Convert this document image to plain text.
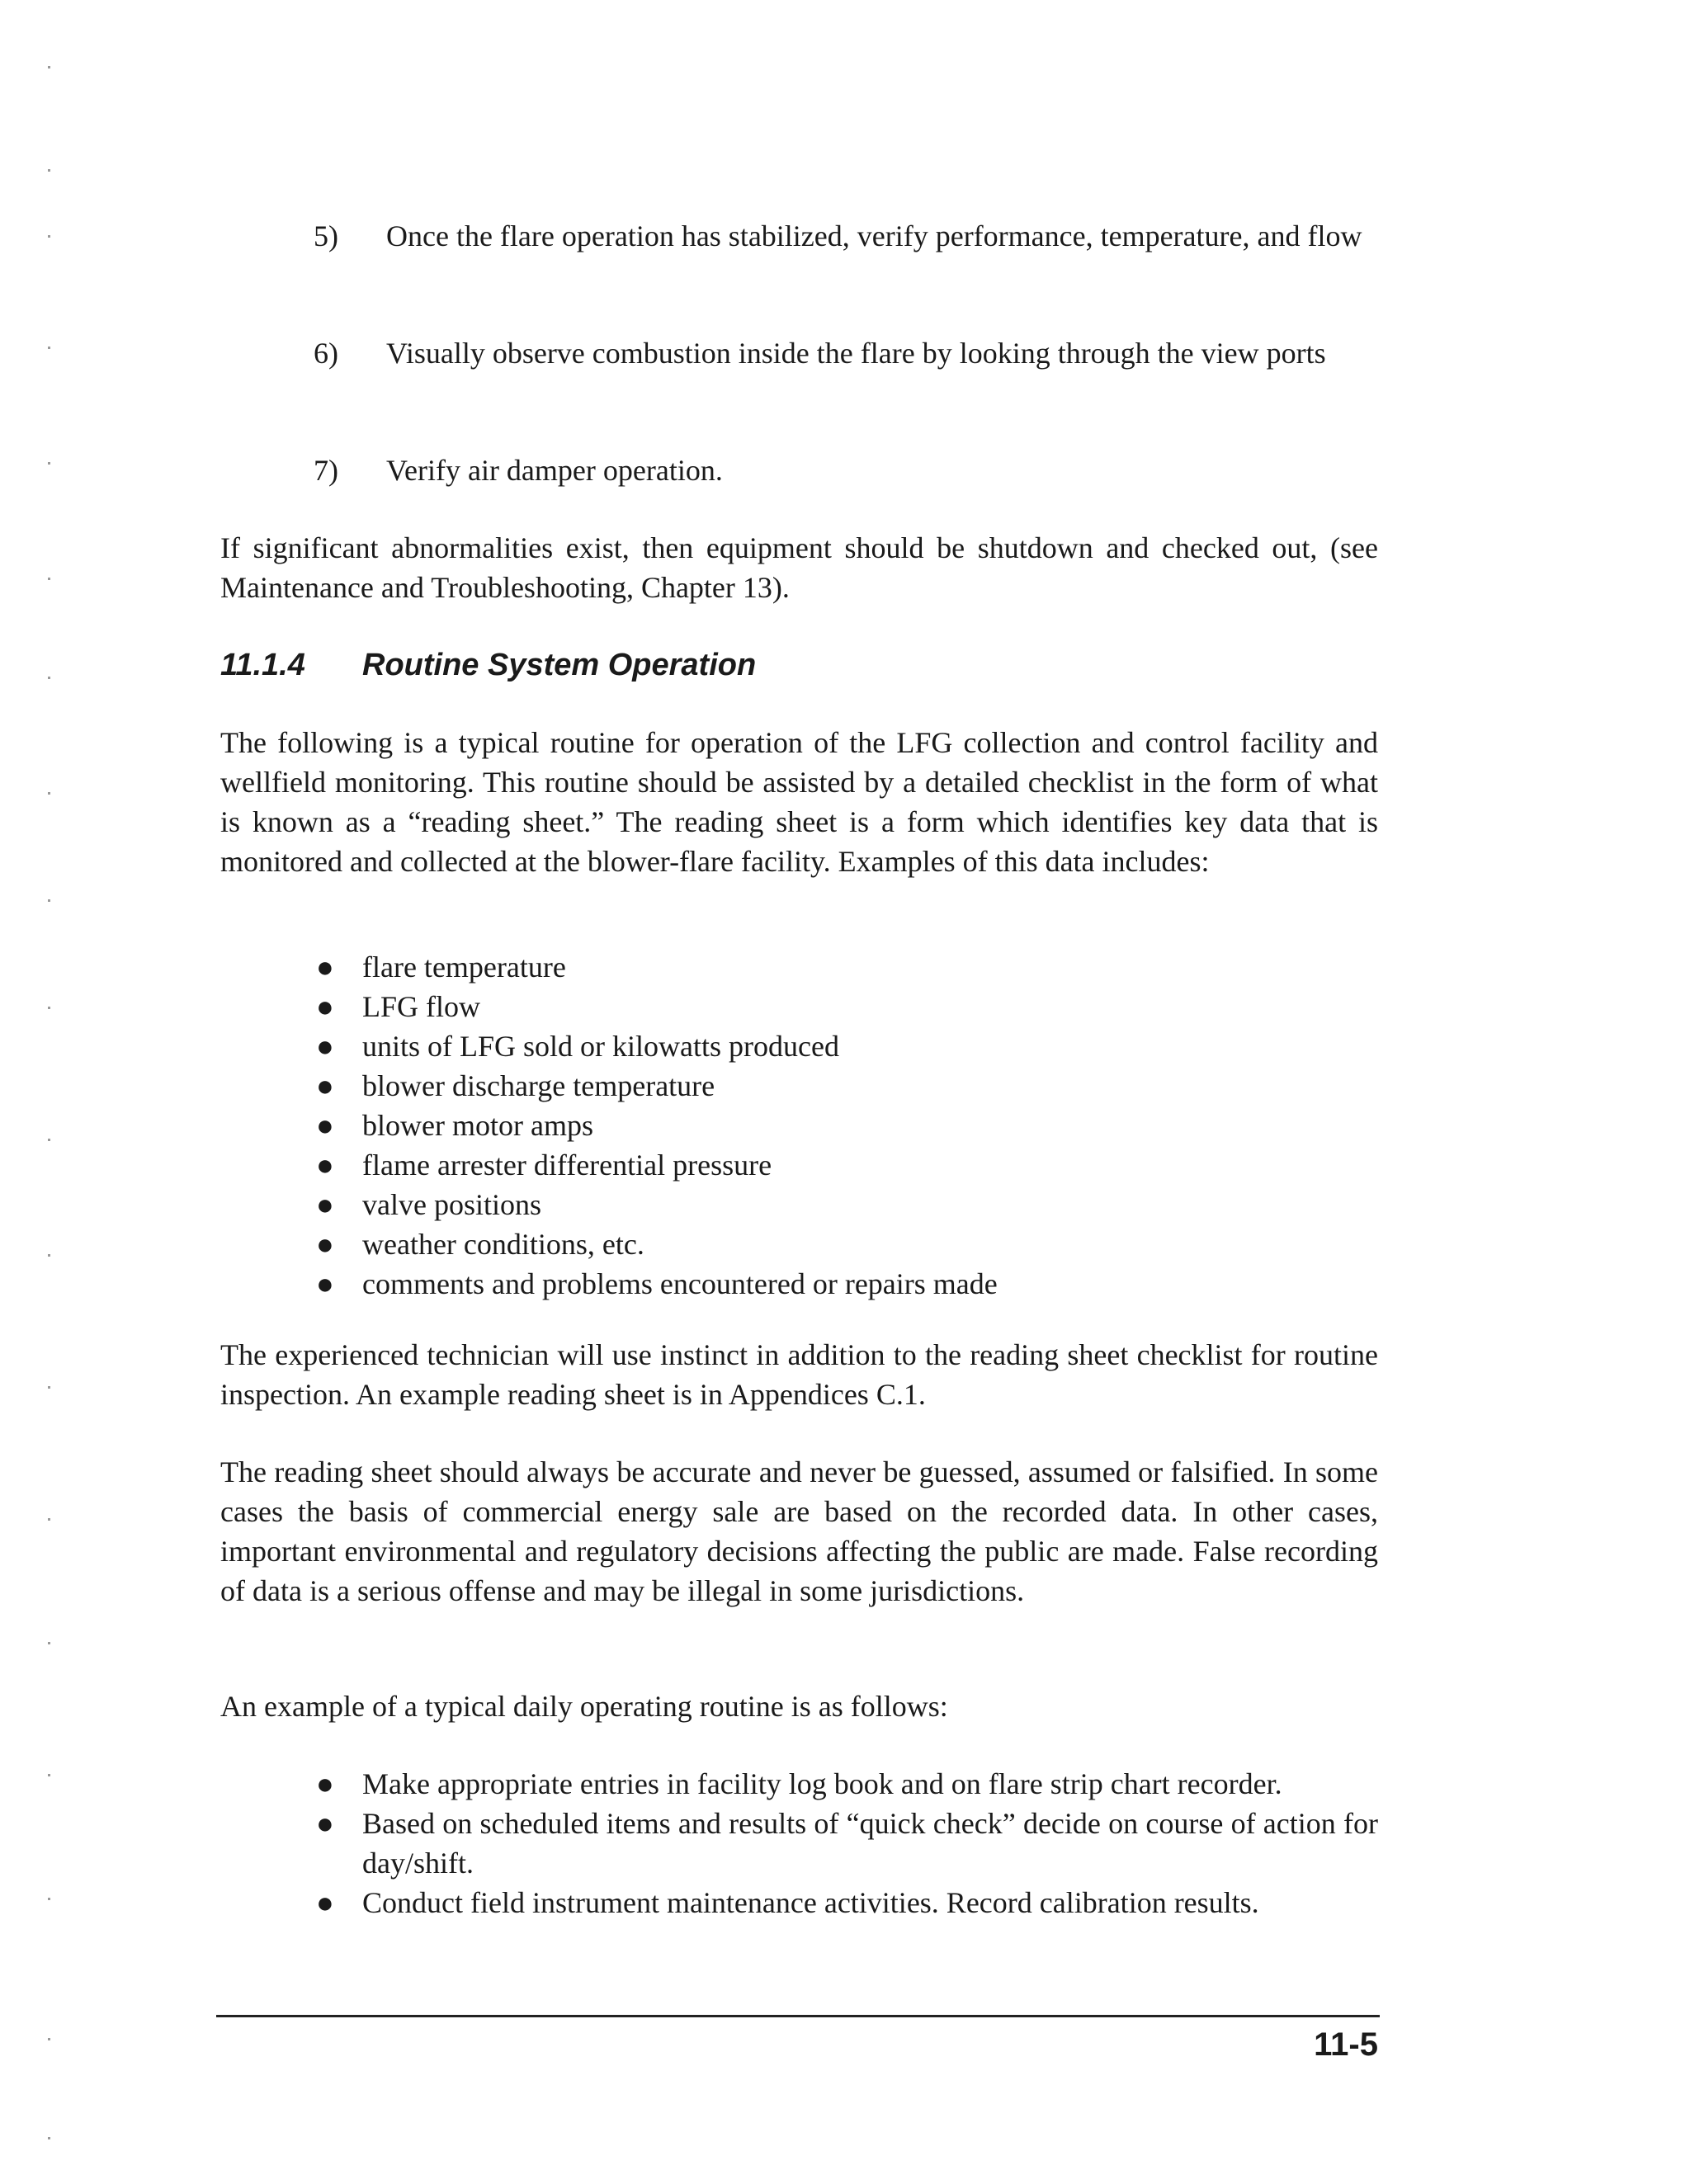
5)	Once the flare operation has stabilized, verify performance, temperature, and flow
6)	Visually observe combustion inside the flare by looking through the view ports
7)	Verify air damper operation.

If significant abnormalities exist, then equipment should be shutdown and checked out, (see Maintenance and Troubleshooting, Chapter 13).

11.1.4	Routine System Operation

The following is a typical routine for operation of the LFG collection and control facility and wellfield monitoring. This routine should be assisted by a detailed checklist in the form of what is known as a “reading sheet.” The reading sheet is a form which identifies key data that is monitored and collected at the blower-flare facility. Examples of this data includes:

● flare temperature
● LFG flow
● units of LFG sold or kilowatts produced
● blower discharge temperature
● blower motor amps
● flame arrester differential pressure
● valve positions
● weather conditions, etc.
● comments and problems encountered or repairs made

The experienced technician will use instinct in addition to the reading sheet checklist for routine inspection. An example reading sheet is in Appendices C.1.

The reading sheet should always be accurate and never be guessed, assumed or falsified. In some cases the basis of commercial energy sale are based on the recorded data. In other cases, important environmental and regulatory decisions affecting the public are made. False recording of data is a serious offense and may be illegal in some jurisdictions.

An example of a typical daily operating routine is as follows:

● Make appropriate entries in facility log book and on flare strip chart recorder.
● Based on scheduled items and results of “quick check” decide on course of action for day/shift.
● Conduct field instrument maintenance activities. Record calibration results.
11-5
